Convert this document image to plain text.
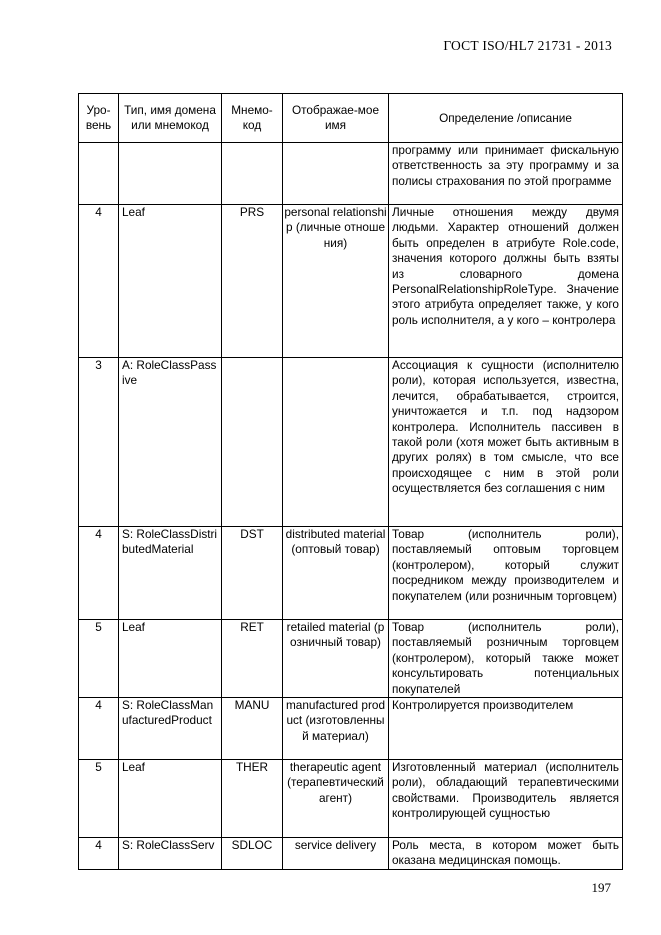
ГОСТ ISO/HL7 21731 - 2013
Уро-вень	Тип, имя домена или мнемокод	Мнемо-код	Отображае-мое имя	Определение /описание
				программу или принимает фискальную ответственность за эту программу и за полисы страхования по этой программе
4	Leaf	PRS	personal relationship (личные отношения)	Личные отношения между двумя людьми. Характер отношений должен быть определен в атрибуте Role.code, значения которого должны быть взяты из словарного домена PersonalRelationshipRoleType. Значение этого атрибута определяет также, у кого роль исполнителя, а у кого – контролера
3	A: RoleClassPassive			Ассоциация к сущности (исполнителю роли), которая используется, известна, лечится, обрабатывается, строится, уничтожается и т.п. под надзором контролера. Исполнитель пассивен в такой роли (хотя может быть активным в других ролях) в том смысле, что все происходящее с ним в этой роли осуществляется без соглашения с ним
4	S: RoleClassDistributedMaterial	DST	distributed material (оптовый товар)	Товар (исполнитель роли), поставляемый оптовым торговцем (контролером), который служит посредником между производителем и покупателем (или розничным торговцем)
5	Leaf	RET	retailed material (розничный товар)	Товар (исполнитель роли), поставляемый розничным торговцем (контролером), который также может консультировать потенциальных покупателей
4	S: RoleClassManufacturedProduct	MANU	manufactured product (изготовленный материал)	Контролируется производителем
5	Leaf	THER	therapeutic agent (терапевтический агент)	Изготовленный материал (исполнитель роли), обладающий терапевтическими свойствами. Производитель является контролирующей сущностью
4	S: RoleClassServ	SDLOC	service delivery	Роль места, в котором может быть оказана медицинская помощь.
197
